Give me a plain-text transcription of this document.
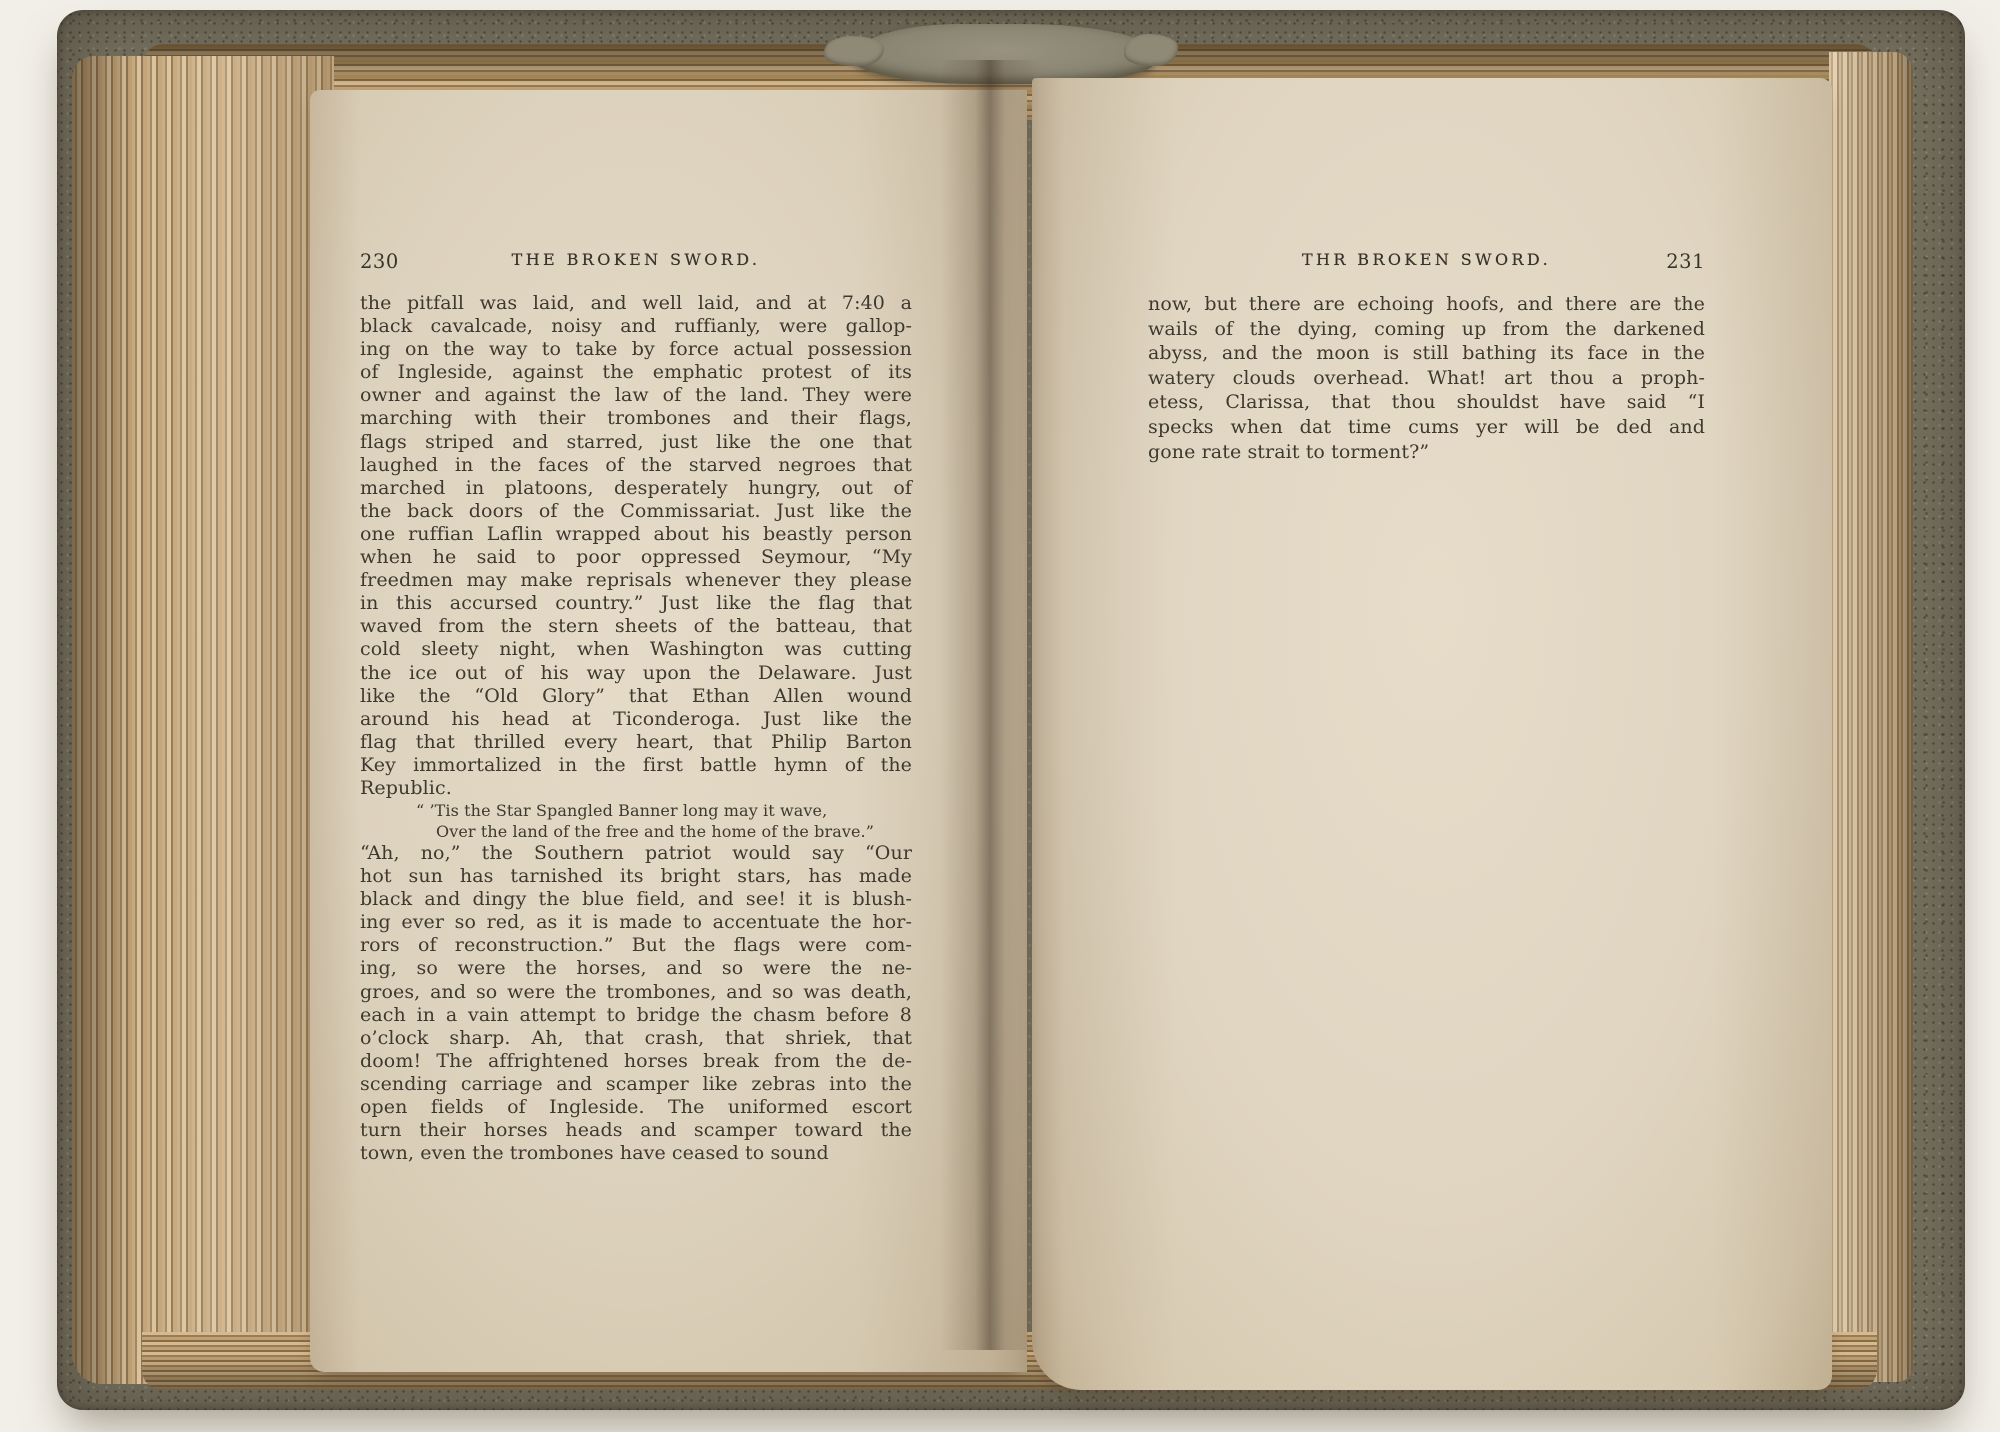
230	THE BROKEN SWORD.
the pitfall was laid, and well laid, and at 7:40 a
black cavalcade, noisy and ruffianly, were gallop-
ing on the way to take by force actual possession
of Ingleside, against the emphatic protest of its
owner and against the law of the land. They were
marching with their trombones and their flags,
flags striped and starred, just like the one that
laughed in the faces of the starved negroes that
marched in platoons, desperately hungry, out of
the back doors of the Commissariat. Just like the
one ruffian Laflin wrapped about his beastly person
when he said to poor oppressed Seymour, “My
freedmen may make reprisals whenever they please
in this accursed country.” Just like the flag that
waved from the stern sheets of the batteau, that
cold sleety night, when Washington was cutting
the ice out of his way upon the Delaware. Just
like the “Old Glory” that Ethan Allen wound
around his head at Ticonderoga. Just like the
flag that thrilled every heart, that Philip Barton
Key immortalized in the first battle hymn of the
Republic.
“ ’Tis the Star Spangled Banner long may it wave,
Over the land of the free and the home of the brave.”
“Ah, no,” the Southern patriot would say “Our
hot sun has tarnished its bright stars, has made
black and dingy the blue field, and see! it is blush-
ing ever so red, as it is made to accentuate the hor-
rors of reconstruction.” But the flags were com-
ing, so were the horses, and so were the ne-
groes, and so were the trombones, and so was death,
each in a vain attempt to bridge the chasm before 8
o’clock sharp. Ah, that crash, that shriek, that
doom! The affrightened horses break from the de-
scending carriage and scamper like zebras into the
open fields of Ingleside. The uniformed escort
turn their horses heads and scamper toward the
town, even the trombones have ceased to sound
THR BROKEN SWORD.	231
now, but there are echoing hoofs, and there are the
wails of the dying, coming up from the darkened
abyss, and the moon is still bathing its face in the
watery clouds overhead. What! art thou a proph-
etess, Clarissa, that thou shouldst have said “I
specks when dat time cums yer will be ded and
gone rate strait to torment?”
